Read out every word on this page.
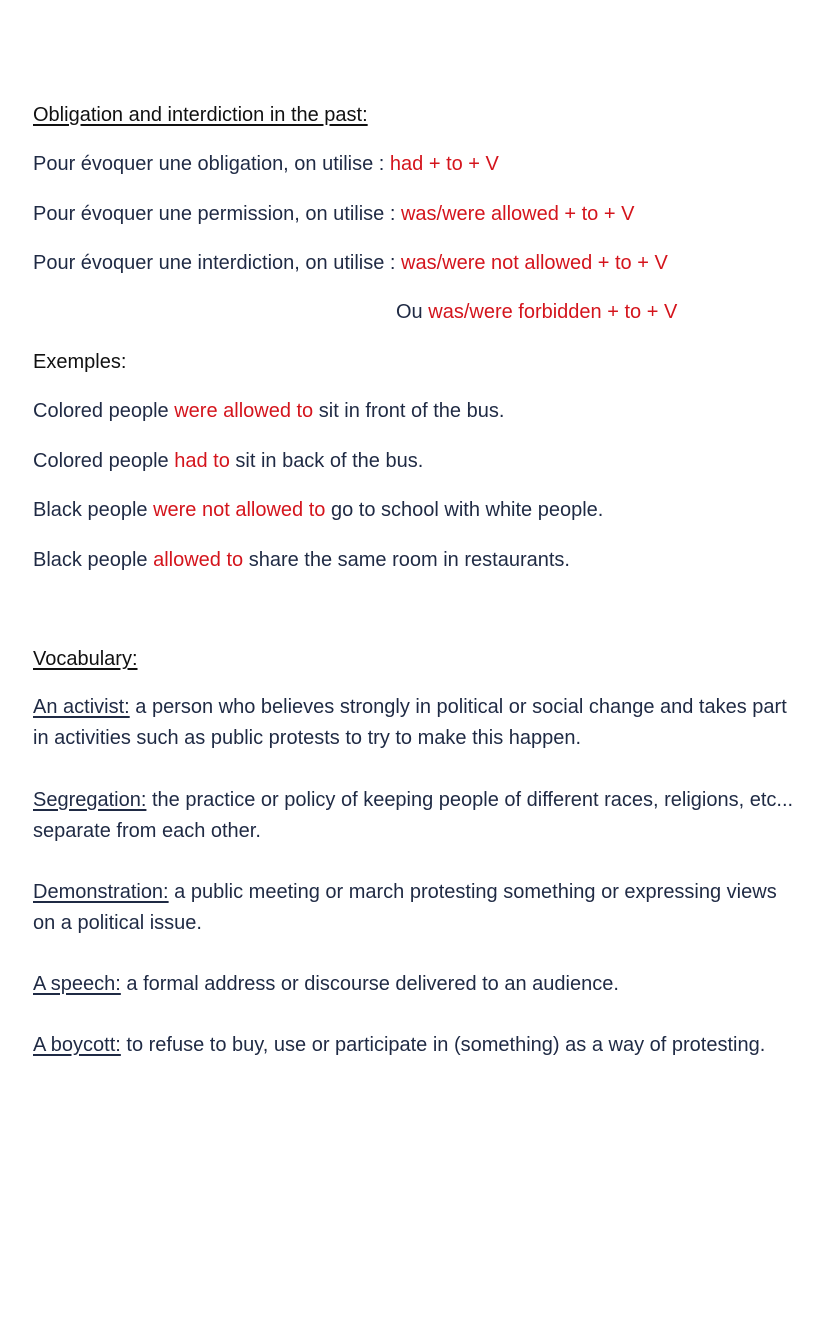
Obligation and interdiction in the past:
Pour évoquer une obligation, on utilise : had + to + V
Pour évoquer une permission, on utilise : was/were allowed + to + V
Pour évoquer une interdiction, on utilise : was/were not allowed + to + V
Ou was/were forbidden + to + V
Exemples:
Colored people were allowed to sit in front of the bus.
Colored people had to sit in back of the bus.
Black people were not allowed to go to school with white people.
Black people allowed to share the same room in restaurants.
Vocabulary:
An activist: a person who believes strongly in political or social change and takes part in activities such as public protests to try to make this happen.
Segregation: the practice or policy of keeping people of different races, religions, etc... separate from each other.
Demonstration: a public meeting or march protesting something or expressing views on a political issue.
A speech: a formal address or discourse delivered to an audience.
A boycott: to refuse to buy, use or participate in (something) as a way of protesting.
